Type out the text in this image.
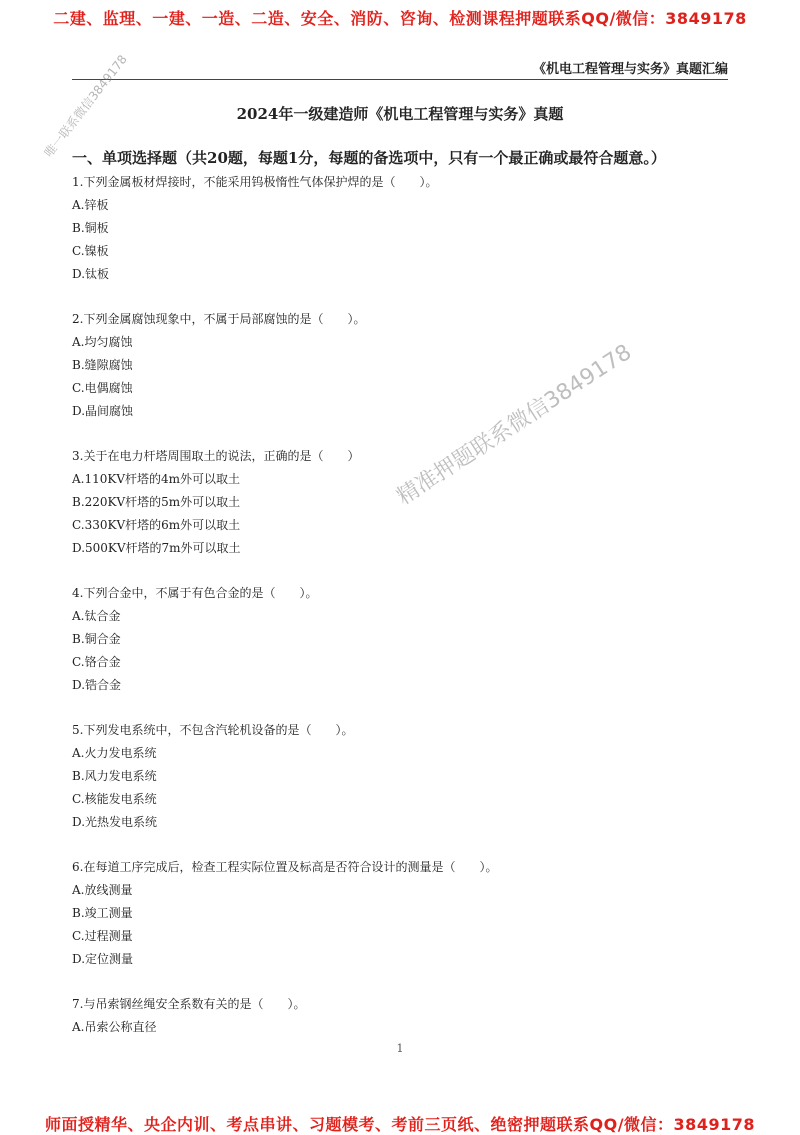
二建、监理、一建、一造、二造、安全、消防、咨询、检测课程押题联系QQ/微信：3849178
《机电工程管理与实务》真题汇编
唯一联系微信3849178	2024年一级建造师《机电工程管理与实务》真题
一、单项选择题（共20题，每题1分，每题的备选项中，只有一个最正确或最符合题意。）
1.下列金属板材焊接时，不能采用钨极惰性气体保护焊的是（　　）。
A.锌板
B.铜板
C.镍板
D.钛板
2.下列金属腐蚀现象中，不属于局部腐蚀的是（　　）。
A.均匀腐蚀
B.缝隙腐蚀
C.电偶腐蚀
D.晶间腐蚀
3.关于在电力杆塔周围取土的说法，正确的是（　　）
A.110KV杆塔的4m外可以取土
B.220KV杆塔的5m外可以取土
C.330KV杆塔的6m外可以取土
D.500KV杆塔的7m外可以取土
4.下列合金中，不属于有色合金的是（　　）。
A.钛合金
B.铜合金
C.铬合金
D.锆合金
5.下列发电系统中，不包含汽轮机设备的是（　　）。
A.火力发电系统
B.风力发电系统
C.核能发电系统
D.光热发电系统
6.在每道工序完成后，检查工程实际位置及标高是否符合设计的测量是（　　）。
A.放线测量
B.竣工测量
C.过程测量
D.定位测量
7.与吊索钢丝绳安全系数有关的是（　　）。
A.吊索公称直径
精准押题联系微信3849178
1
师面授精华、央企内训、考点串讲、习题模考、考前三页纸、绝密押题联系QQ/微信：3849178
